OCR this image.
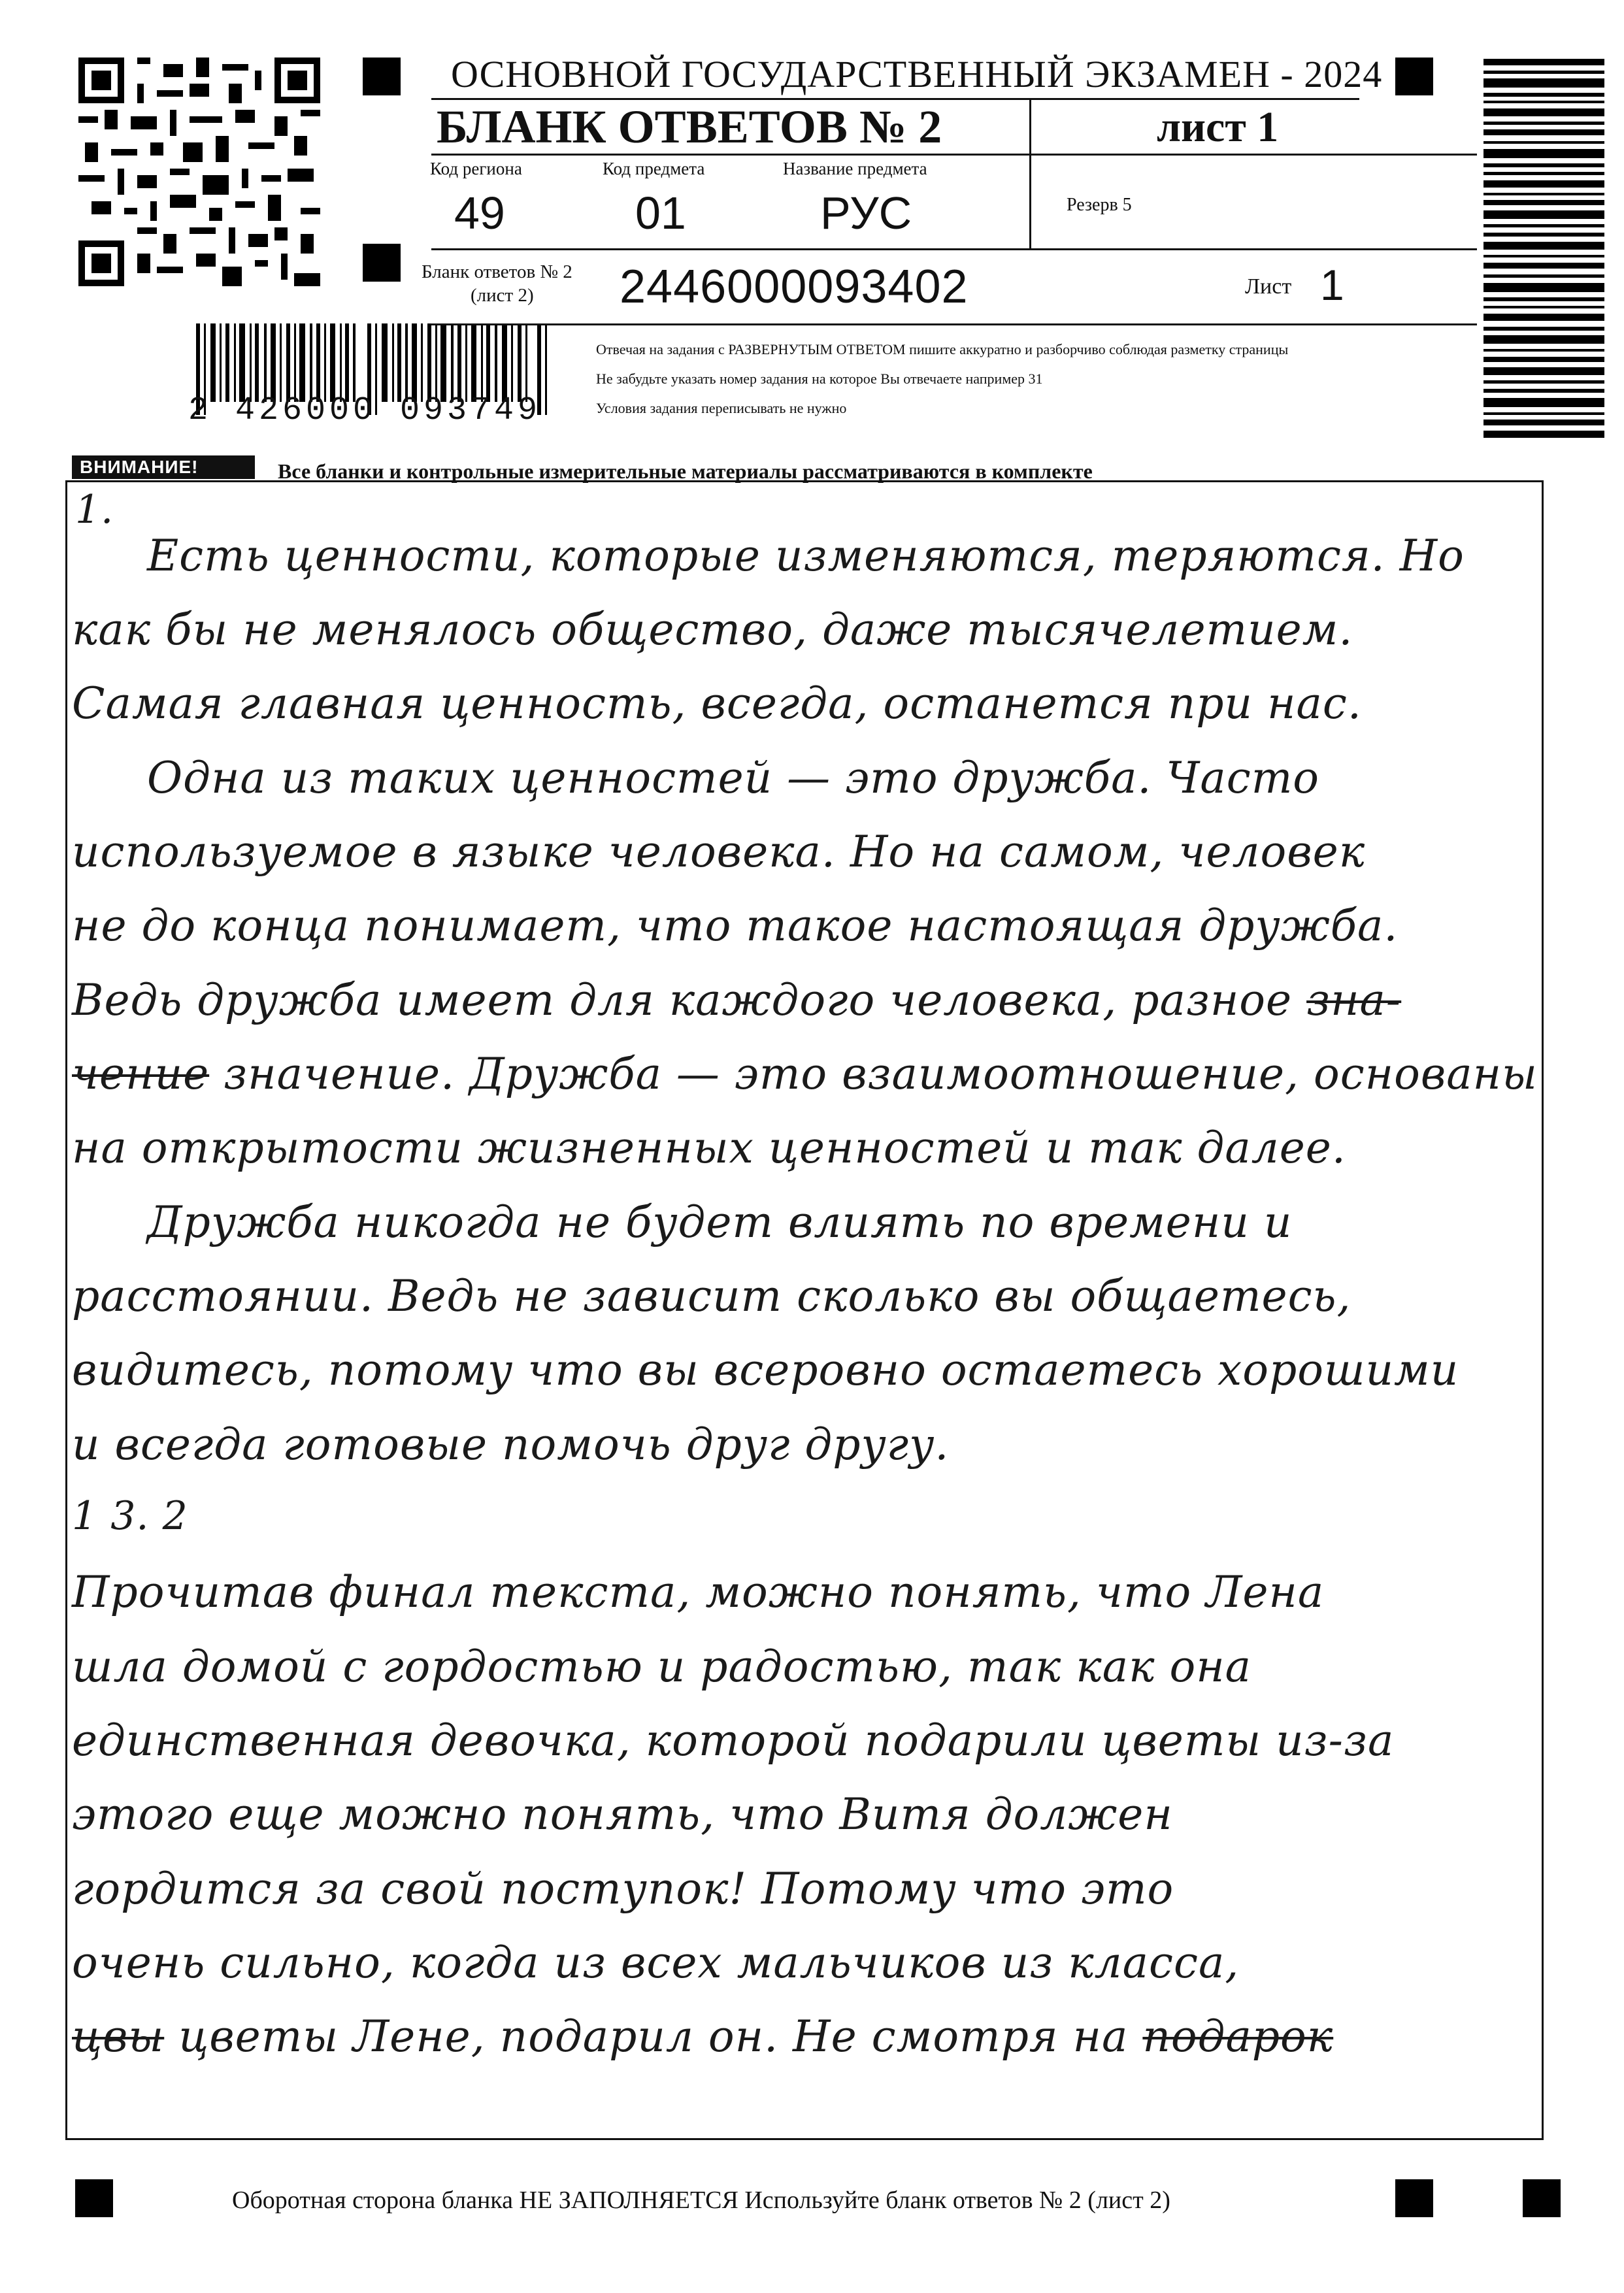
2 426000 093749
ОСНОВНОЙ ГОСУДАРСТВЕННЫЙ ЭКЗАМЕН - 2024
БЛАНК ОТВЕТОВ № 2	лист 1
Код региона
49
Код предмета
01
Название предмета
РУС	Резерв 5
Бланк ответов № 2
(лист 2) 2446000093402	Лист 1
Отвечая на задания с РАЗВЕРНУТЫМ ОТВЕТОМ пишите аккуратно и разборчиво соблюдая разметку страницы
Не забудьте указать номер задания на которое Вы отвечаете например 31
Условия задания переписывать не нужно
ВНИМАНИЕ!	Все бланки и контрольные измерительные материалы рассматриваются в комплекте
1.
Есть ценности, которые изменяются, теряются. Но
как бы не менялось общество, даже тысячелетием.
Самая главная ценность, всегда, останется при нас.
Одна из таких ценностей — это дружба. Часто
используемое в языке человека. Но на самом, человек
не до конца понимает, что такое настоящая дружба.
Ведь дружба имеет для каждого человека, разное зна-
чение значение. Дружба — это взаимоотношение, основаны
на открытости жизненных ценностей и так далее.
Дружба никогда не будет влиять по времени и
расстоянии. Ведь не зависит сколько вы общаетесь,
видитесь, потому что вы всеровно остаетесь хорошими
и всегда готовые помочь друг другу.
1 3. 2
Прочитав финал текста, можно понять, что Лена
шла домой с гордостью и радостью, так как она
единственная девочка, которой подарили цветы из-за
этого еще можно понять, что Витя должен
гордится за свой поступок! Потому что это
очень сильно, когда из всех мальчиков из класса,
цвы цветы Лене, подарил он. Не смотря на подарок
Оборотная сторона бланка НЕ ЗАПОЛНЯЕТСЯ Используйте бланк ответов № 2 (лист 2)
